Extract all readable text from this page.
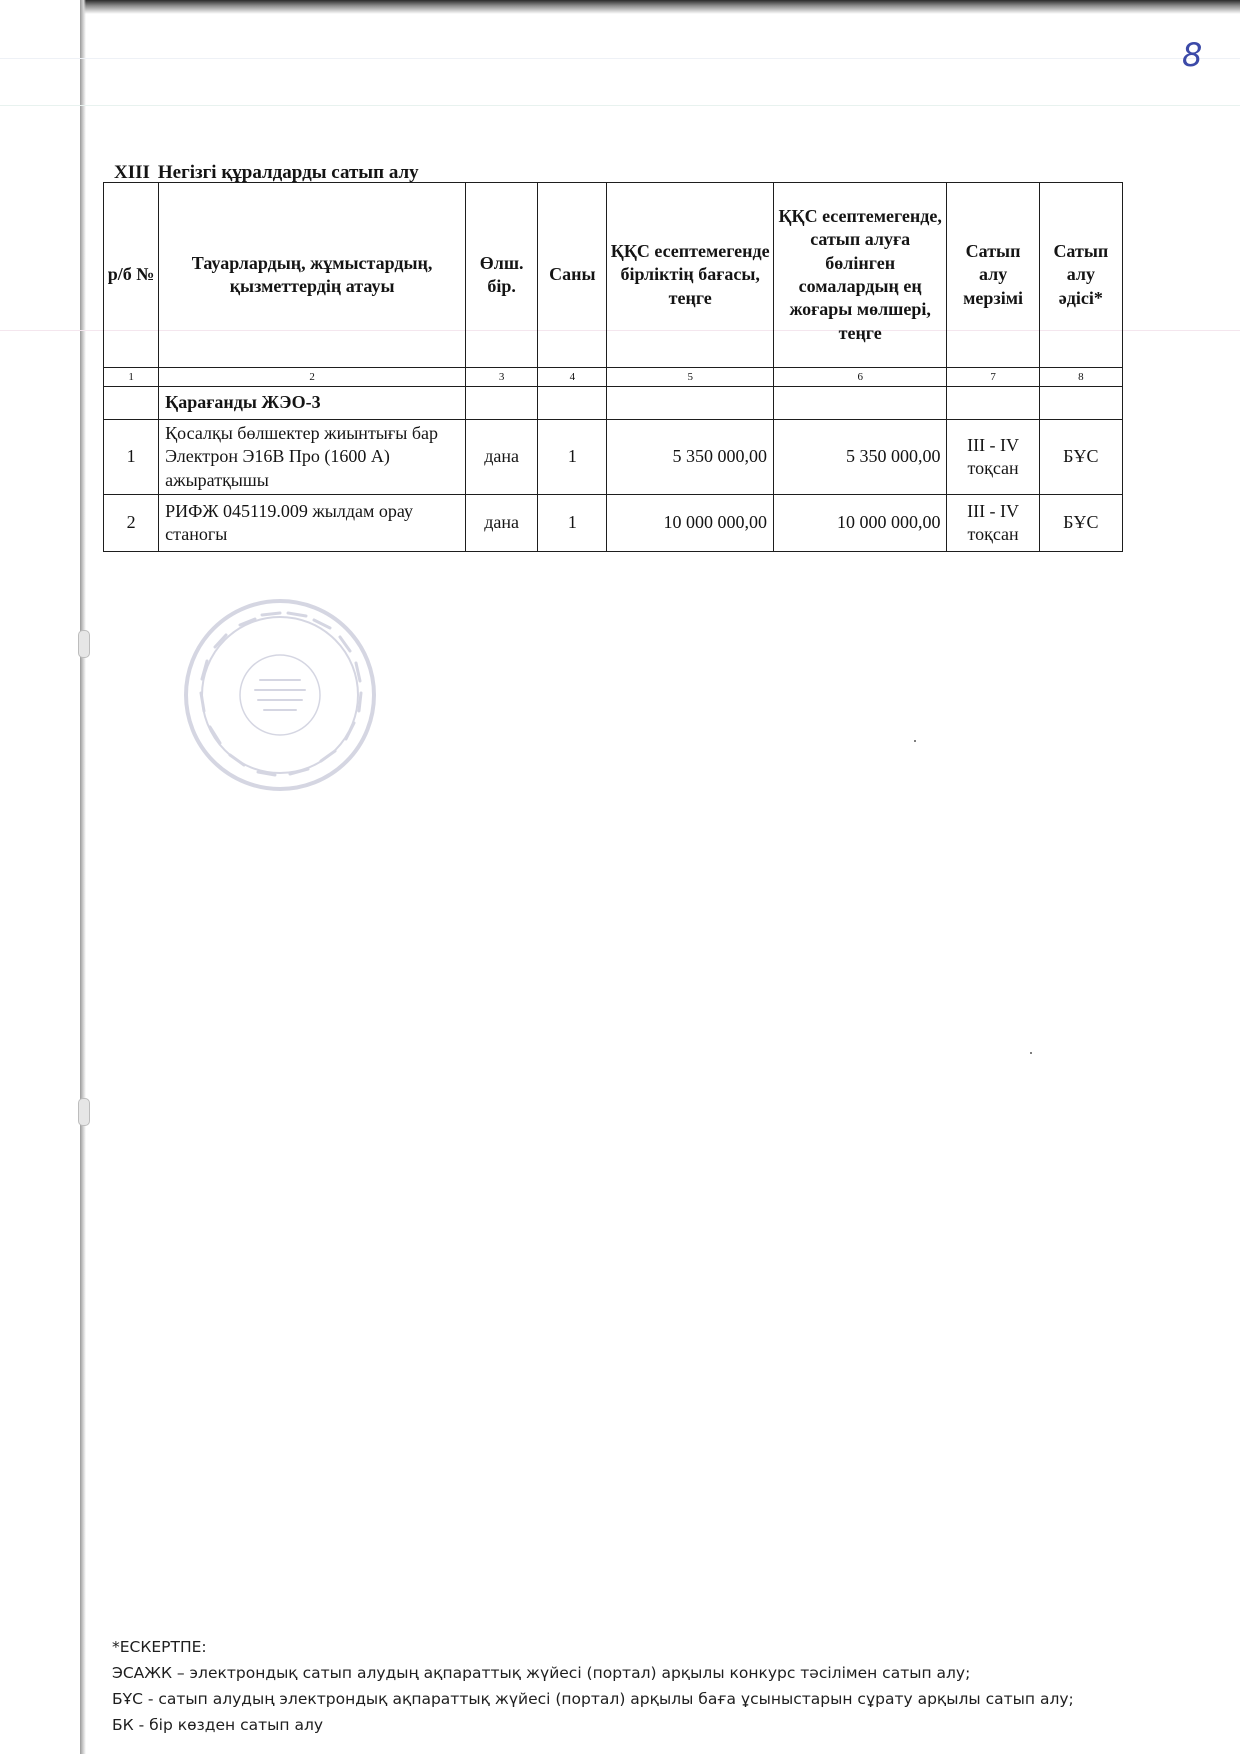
8
XIII Негізгі құралдарды сатып алу
р/б №	Тауарлардың, жұмыстардың, қызметтердің атауы	Өлш. бір.	Саны	ҚҚС есептемегенде бірліктің бағасы, теңге	ҚҚС есептемегенде, сатып алуға бөлінген сомалардың ең жоғары мөлшері, теңге	Сатып алу мерзімі	Сатып алу әдісі*
1	2	3	4	5	6	7	8
	Қарағанды ЖЭО-3						
1	Қосалқы бөлшектер жиынтығы бар Электрон Э16В Про (1600 А) ажыратқышы	дана	1	5 350 000,00	5 350 000,00	III - IV тоқсан	БҰС
2	РИФЖ 045119.009 жылдам орау станогы	дана	1	10 000 000,00	10 000 000,00	III - IV тоқсан	БҰС
*ЕСКЕРТПЕ:
ЭСАЖК – электрондық сатып алудың ақпараттық жүйесі (портал) арқылы конкурс тәсілімен сатып алу;
БҰС - сатып алудың электрондық ақпараттық жүйесі (портал) арқылы баға ұсыныстарын сұрату арқылы сатып алу;
БК - бір көзден сатып алу
